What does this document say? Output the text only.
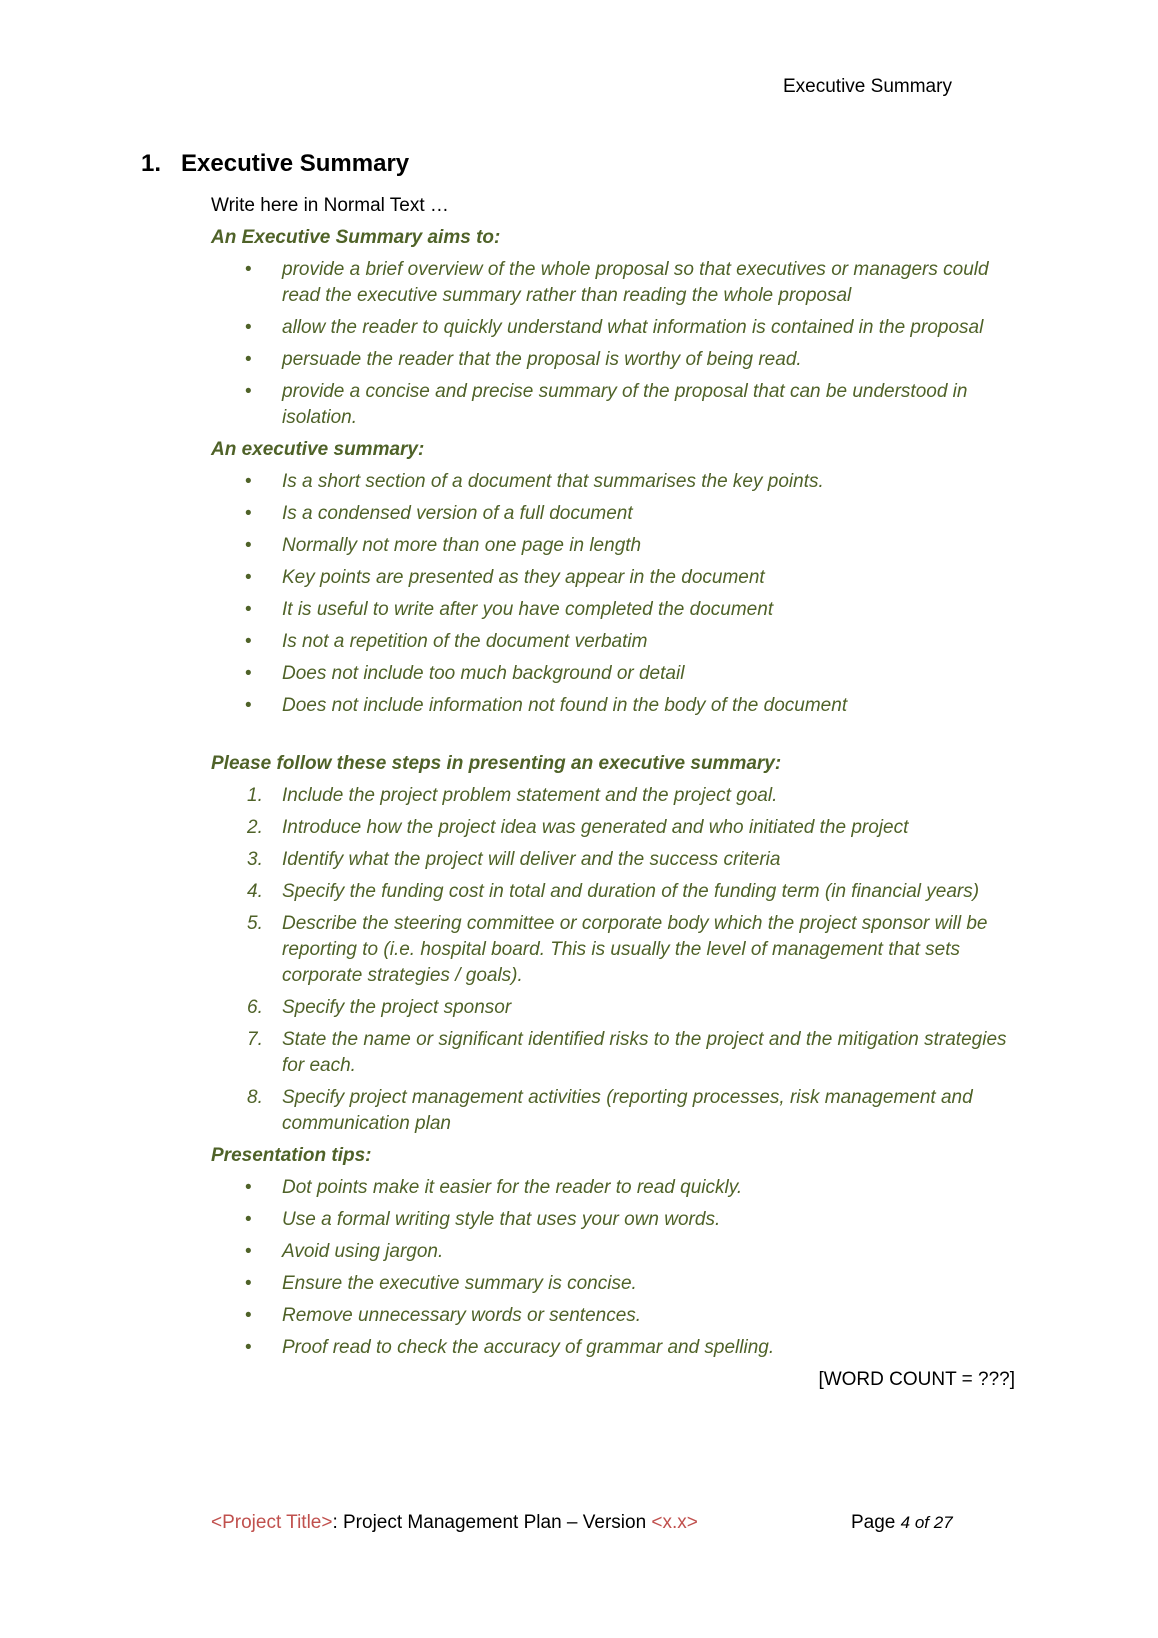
Executive Summary
1. Executive Summary

Write here in Normal Text …

An Executive Summary aims to:

• provide a brief overview of the whole proposal so that executives or managers could read the executive summary rather than reading the whole proposal
• allow the reader to quickly understand what information is contained in the proposal
• persuade the reader that the proposal is worthy of being read.
• provide a concise and precise summary of the proposal that can be understood in isolation.

An executive summary:

• Is a short section of a document that summarises the key points.
• Is a condensed version of a full document
• Normally not more than one page in length
• Key points are presented as they appear in the document
• It is useful to write after you have completed the document
• Is not a repetition of the document verbatim
• Does not include too much background or detail
• Does not include information not found in the body of the document

Please follow these steps in presenting an executive summary:

1. Include the project problem statement and the project goal.
2. Introduce how the project idea was generated and who initiated the project
3. Identify what the project will deliver and the success criteria
4. Specify the funding cost in total and duration of the funding term (in financial years)
5. Describe the steering committee or corporate body which the project sponsor will be reporting to (i.e. hospital board. This is usually the level of management that sets corporate strategies / goals).
6. Specify the project sponsor
7. State the name or significant identified risks to the project and the mitigation strategies for each.
8. Specify project management activities (reporting processes, risk management and communication plan

Presentation tips:

• Dot points make it easier for the reader to read quickly.
• Use a formal writing style that uses your own words.
• Avoid using jargon.
• Ensure the executive summary is concise.
• Remove unnecessary words or sentences.
• Proof read to check the accuracy of grammar and spelling.
[WORD COUNT = ???]
<Project Title>: Project Management Plan – Version <x.x>	Page 4 of 27
